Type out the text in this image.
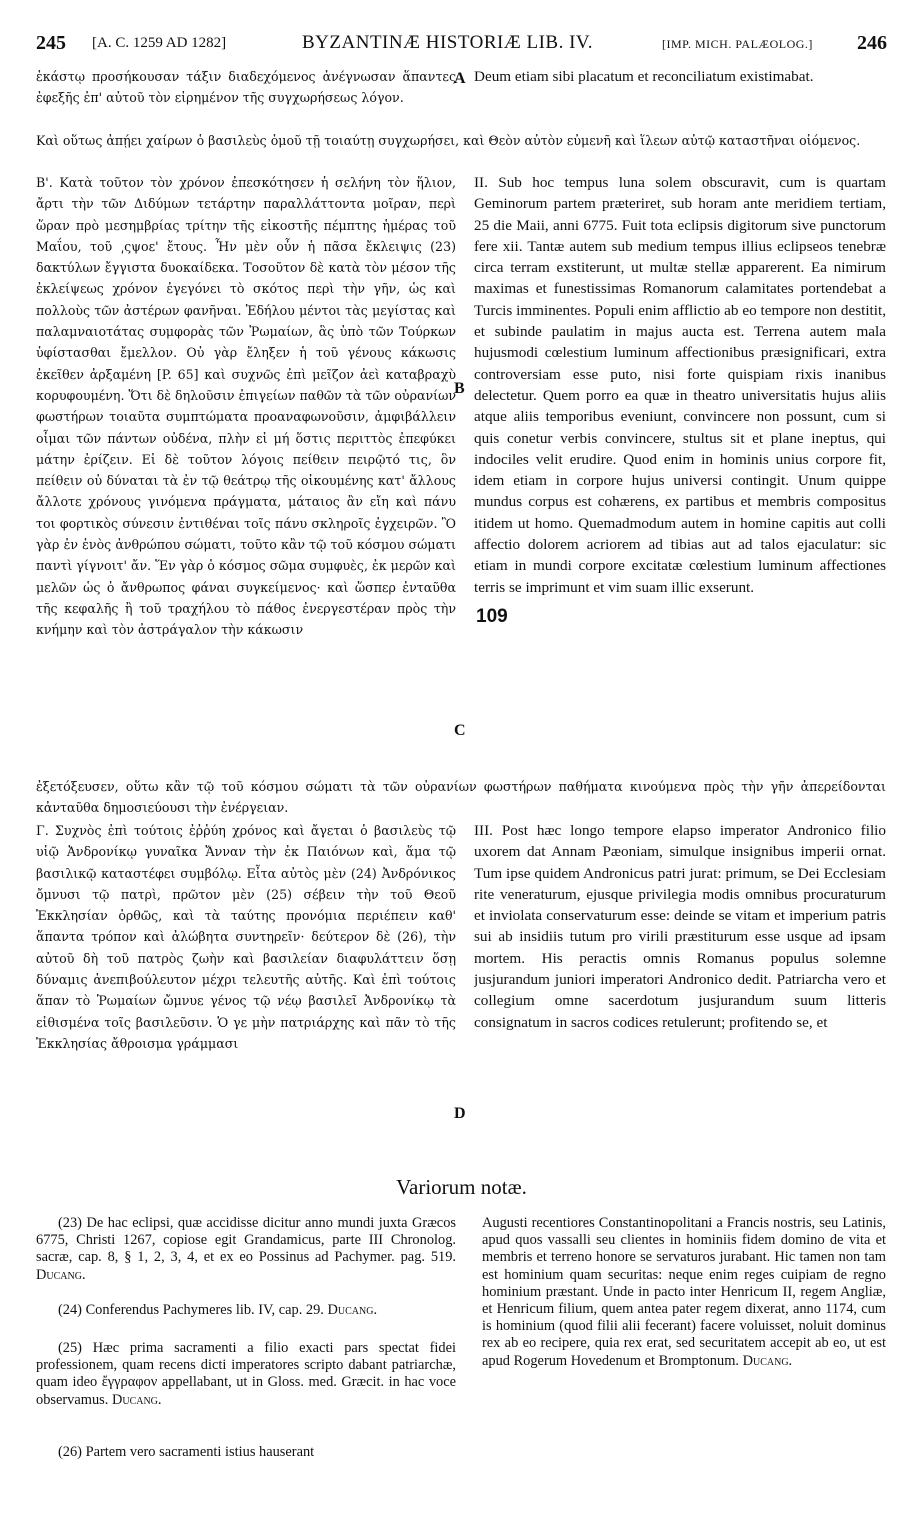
245 [A. C. 1259 AD 1282]	BYZANTINÆ HISTORIÆ LIB. IV.	[IMP. MICH. PALÆOLOG.] 246

ἑκάστῳ προσήκουσαν τάξιν διαδεχόμενος ἀνέγνωσαν ἅπαντες ἐφεξῆς ἐπ' αὐτοῦ τὸν εἰρημένον τῆς συγχωρήσεως λόγον.

A Deum etiam sibi placatum et reconciliatum existimabat.

Καὶ οὕτως ἀπῄει χαίρων ὁ βασιλεὺς ὁμοῦ τῇ τοιαύτῃ συγχωρήσει, καὶ Θεὸν αὐτὸν εὐμενῆ καὶ ἵλεων αὐτῷ καταστῆναι οἰόμενος.

Β'. Κατὰ τοῦτον τὸν χρόνον ἐπεσκότησεν ἡ σελήνη τὸν ἥλιον, ἄρτι τὴν τῶν Διδύμων τετάρτην παραλλάττοντα μοῖραν, περὶ ὥραν πρὸ μεσημβρίας τρίτην τῆς εἰκοστῆς πέμπτης ἡμέρας τοῦ Μαΐου, τοῦ ͵ςψοε' ἔτους. Ἦν μὲν οὖν ἡ πᾶσα ἔκλειψις (23) δακτύλων ἔγγιστα δυοκαίδεκα. Τοσοῦτον δὲ κατὰ τὸν μέσον τῆς ἐκλείψεως χρόνον ἐγεγόνει τὸ σκότος περὶ τὴν γῆν, ὡς καὶ πολλοὺς τῶν ἀστέρων φανῆναι. Ἐδήλου μέντοι τὰς μεγίστας καὶ παλαμναιοτάτας συμφορὰς τῶν Ῥωμαίων, ἃς ὑπὸ τῶν Τούρκων ὑφίστασθαι ἔμελλον. Οὐ γὰρ ἔληξεν ἡ τοῦ γένους κάκωσις ἐκεῖθεν ἀρξαμένη [P. 65] καὶ συχνῶς ἐπὶ μεῖζον ἀεὶ καταβραχὺ κορυφουμένη. Ὅτι δὲ δηλοῦσιν ἐπιγείων παθῶν τὰ τῶν οὐρανίων φωστήρων τοιαῦτα συμπτώματα προαναφωνοῦσιν, ἀμφιβάλλειν οἶμαι τῶν πάντων οὐδένα, πλὴν εἰ μή ὅστις περιττὸς ἐπεφύκει μάτην ἐρίζειν. Εἰ δὲ τοῦτον λόγοις πείθειν πειρῷτό τις, ὃν πείθειν οὐ δύναται τὰ ἐν τῷ θεάτρῳ τῆς οἰκουμένης κατ' ἄλλους ἄλλοτε χρόνους γινόμενα πράγματα, μάταιος ἂν εἴη καὶ πάνυ τοι φορτικὸς σύνεσιν ἐντιθέναι τοῖς πάνυ σκληροῖς ἐγχειρῶν. Ὃ γὰρ ἐν ἑνὸς ἀνθρώπου σώματι, τοῦτο κἂν τῷ τοῦ κόσμου σώματι παντὶ γίγνοιτ' ἄν. Ἕν γὰρ ὁ κόσμος σῶμα συμφυὲς, ἐκ μερῶν καὶ μελῶν ὡς ὁ ἄνθρωπος φάναι συγκείμενος· καὶ ὥσπερ ἐνταῦθα τῆς κεφαλῆς ἢ τοῦ τραχήλου τὸ πάθος ἐνεργεστέραν πρὸς τὴν κνήμην καὶ τὸν ἀστράγαλον τὴν κάκωσιν

B
C

II. Sub hoc tempus luna solem obscuravit, cum is quartam Geminorum partem præteriret, sub horam ante meridiem tertiam, 25 die Maii, anni 6775. Fuit tota eclipsis digitorum sive punctorum fere xii. Tantæ autem sub medium tempus illius eclipseos tenebræ circa terram exstiterunt, ut multæ stellæ apparerent. Ea nimirum maximas et funestissimas Romanorum calamitates portendebat a Turcis imminentes. Populi enim afflictio ab eo tempore non destitit, et subinde paulatim in majus aucta est. Terrena autem mala hujusmodi cœlestium luminum affectionibus præsignificari, extra controversiam esse puto, nisi forte quispiam rixis inanibus delectetur. Quem porro ea quæ in theatro universitatis hujus aliis atque aliis temporibus eveniunt, convincere non possunt, cum si quis conetur verbis convincere, stultus sit et plane ineptus, qui indociles velit erudire. Quod enim in hominis unius corpore fit, idem etiam in corpore hujus universi contingit. Unum quippe mundus corpus est cohærens, ex partibus et membris compositus itidem ut homo. Quemadmodum autem in homine capitis aut colli affectio dolorem acriorem ad tibias aut ad talos ejaculatur: sic etiam in mundi corpore excitatæ cœlestium luminum affectiones terris se imprimunt et vim suam illic exserunt.

109

ἐξετόξευσεν, οὕτω κἂν τῷ τοῦ κόσμου σώματι τὰ τῶν οὐρανίων φωστήρων παθήματα κινούμενα πρὸς τὴν γῆν ἀπερείδονται κἀνταῦθα δημοσιεύουσι τὴν ἐνέργειαν.

Γ. Συχνὸς ἐπὶ τούτοις ἐῤῥύη χρόνος καὶ ἄγεται ὁ βασιλεὺς τῷ υἱῷ Ἀνδρονίκῳ γυναῖκα Ἄνναν τὴν ἐκ Παιόνων καὶ, ἅμα τῷ βασιλικῷ καταστέφει συμβόλῳ. Εἶτα αὐτὸς μὲν (24) Ἀνδρόνικος ὄμνυσι τῷ πατρὶ, πρῶτον μὲν (25) σέβειν τὴν τοῦ Θεοῦ Ἐκκλησίαν ὀρθῶς, καὶ τὰ ταύτης προνόμια περιέπειν καθ' ἅπαντα τρόπον καὶ ἀλώβητα συντηρεῖν· δεύτερον δὲ (26), τὴν αὐτοῦ δὴ τοῦ πατρὸς ζωὴν καὶ βασιλείαν διαφυλάττειν ὅσῃ δύναμις ἀνεπιβούλευτον μέχρι τελευτῆς αὐτῆς. Καὶ ἐπὶ τούτοις ἅπαν τὸ Ῥωμαίων ὤμνυε γένος τῷ νέῳ βασιλεῖ Ἀνδρονίκῳ τὰ εἰθισμένα τοῖς βασιλεῦσιν. Ὁ γε μὴν πατριάρχης καὶ πᾶν τὸ τῆς Ἐκκλησίας ἄθροισμα γράμμασι

D

III. Post hæc longo tempore elapso imperator Andronico filio uxorem dat Annam Pæoniam, simulque insignibus imperii ornat. Tum ipse quidem Andronicus patri jurat: primum, se Dei Ecclesiam rite veneraturum, ejusque privilegia modis omnibus procuraturum et inviolata conservaturum esse: deinde se vitam et imperium patris sui ab insidiis tutum pro virili præstiturum esse usque ad ipsam mortem. His peractis omnis Romanus populus solemne jusjurandum juniori imperatori Andronico dedit. Patriarcha vero et collegium omne sacerdotum jusjurandum suum litteris consignatum in sacros codices retulerunt; profitendo se, et

Variorum notæ.

(23) De hac eclipsi, quæ accidisse dicitur anno mundi juxta Græcos 6775, Christi 1267, copiose egit Grandamicus, parte III Chronolog. sacræ, cap. 8, § 1, 2, 3, 4, et ex eo Possinus ad Pachymer. pag. 519. Ducang.

(24) Conferendus Pachymeres lib. IV, cap. 29. Ducang.

(25) Hæc prima sacramenti a filio exacti pars spectat fidei professionem, quam recens dicti imperatores scripto dabant patriarchæ, quam ideo ἔγγραφον appellabant, ut in Gloss. med. Græcit. in hac voce observamus. Ducang.

(26) Partem vero sacramenti istius hauserant

Augusti recentiores Constantinopolitani a Francis nostris, seu Latinis, apud quos vassalli seu clientes in hominiis fidem domino de vita et membris et terreno honore se servaturos jurabant. Hic tamen non tam est hominium quam securitas: neque enim reges cuipiam de regno hominium præstant. Unde in pacto inter Henricum II, regem Angliæ, et Henricum filium, quem antea pater regem dixerat, anno 1174, cum is hominium (quod filii alii fecerant) facere voluisset, noluit dominus rex ab eo recipere, quia rex erat, sed securitatem accepit ab eo, ut est apud Rogerum Hovedenum et Bromptonum. Ducang.
